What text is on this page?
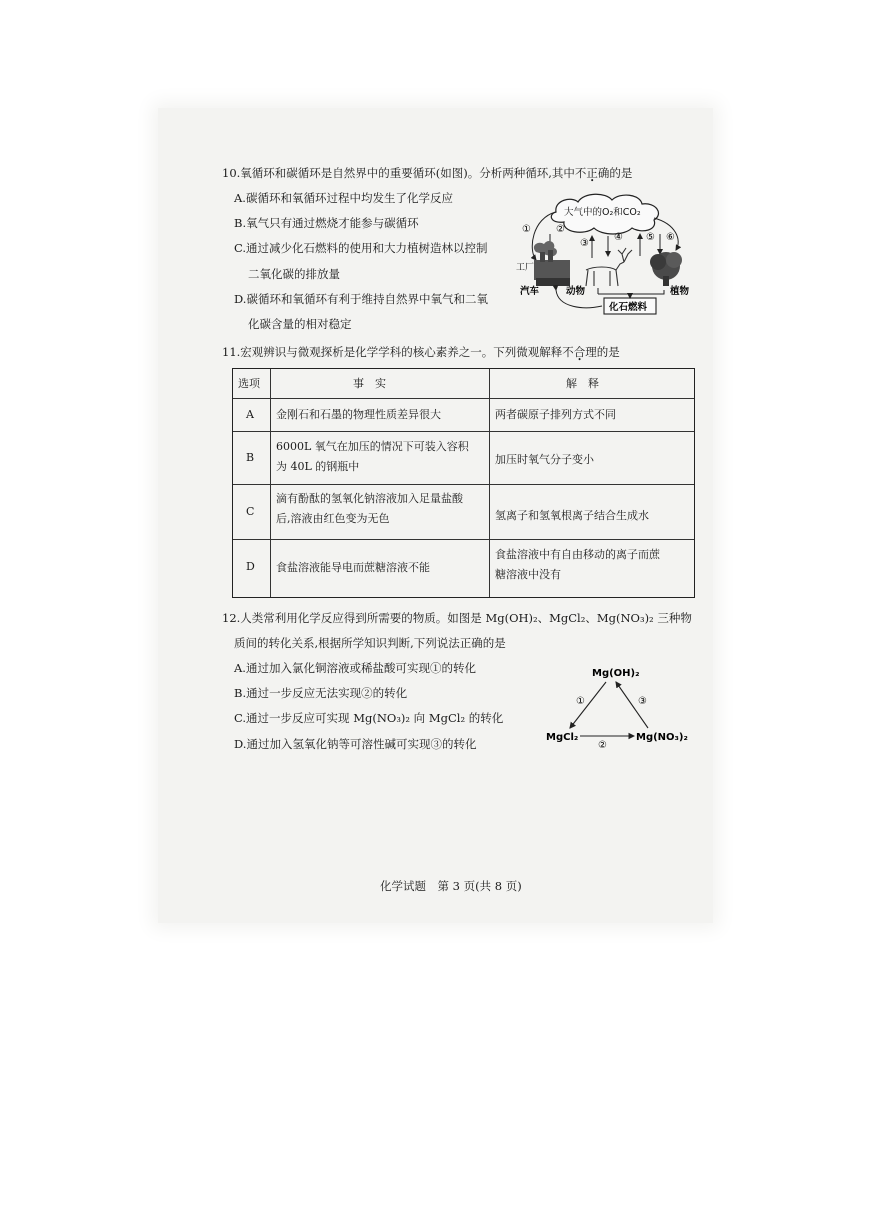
10.氧循环和碳循环是自然界中的重要循环(如图)。分析两种循环,其中不正确的是
A.碳循环和氧循环过程中均发生了化学反应
B.氧气只有通过燃烧才能参与碳循环
C.通过减少化石燃料的使用和大力植树造林以控制
二氧化碳的排放量
D.碳循环和氧循环有利于维持自然界中氧气和二氧
化碳含量的相对稳定
大气中的O₂和CO₂
①	②
③
④ ⑤ ⑥
工厂
汽车	动物	植物
化石燃料
11.宏观辨识与微观探析是化学学科的核心素养之一。下列微观解释不合理的是
选项	事　实	解　释
A 金刚石和石墨的物理性质差异很大	两者碳原子排列方式不同
B
6000L 氧气在加压的情况下可装入容积
为 40L 的钢瓶中
加压时氧气分子变小
C
滴有酚酞的氢氧化钠溶液加入足量盐酸
后,溶液由红色变为无色	氢离子和氢氧根离子结合生成水
D 食盐溶液能导电而蔗糖溶液不能
食盐溶液中有自由移动的离子而蔗
糖溶液中没有
12.人类常利用化学反应得到所需要的物质。如图是 Mg(OH)₂、MgCl₂、Mg(NO₃)₂ 三种物
质间的转化关系,根据所学知识判断,下列说法正确的是
A.通过加入氯化铜溶液或稀盐酸可实现①的转化
B.通过一步反应无法实现②的转化
C.通过一步反应可实现 Mg(NO₃)₂ 向 MgCl₂ 的转化
D.通过加入氢氧化钠等可溶性碱可实现③的转化
Mg(OH)₂
MgCl₂	Mg(NO₃)₂
①
②
③
化学试题　第 3 页(共 8 页)
